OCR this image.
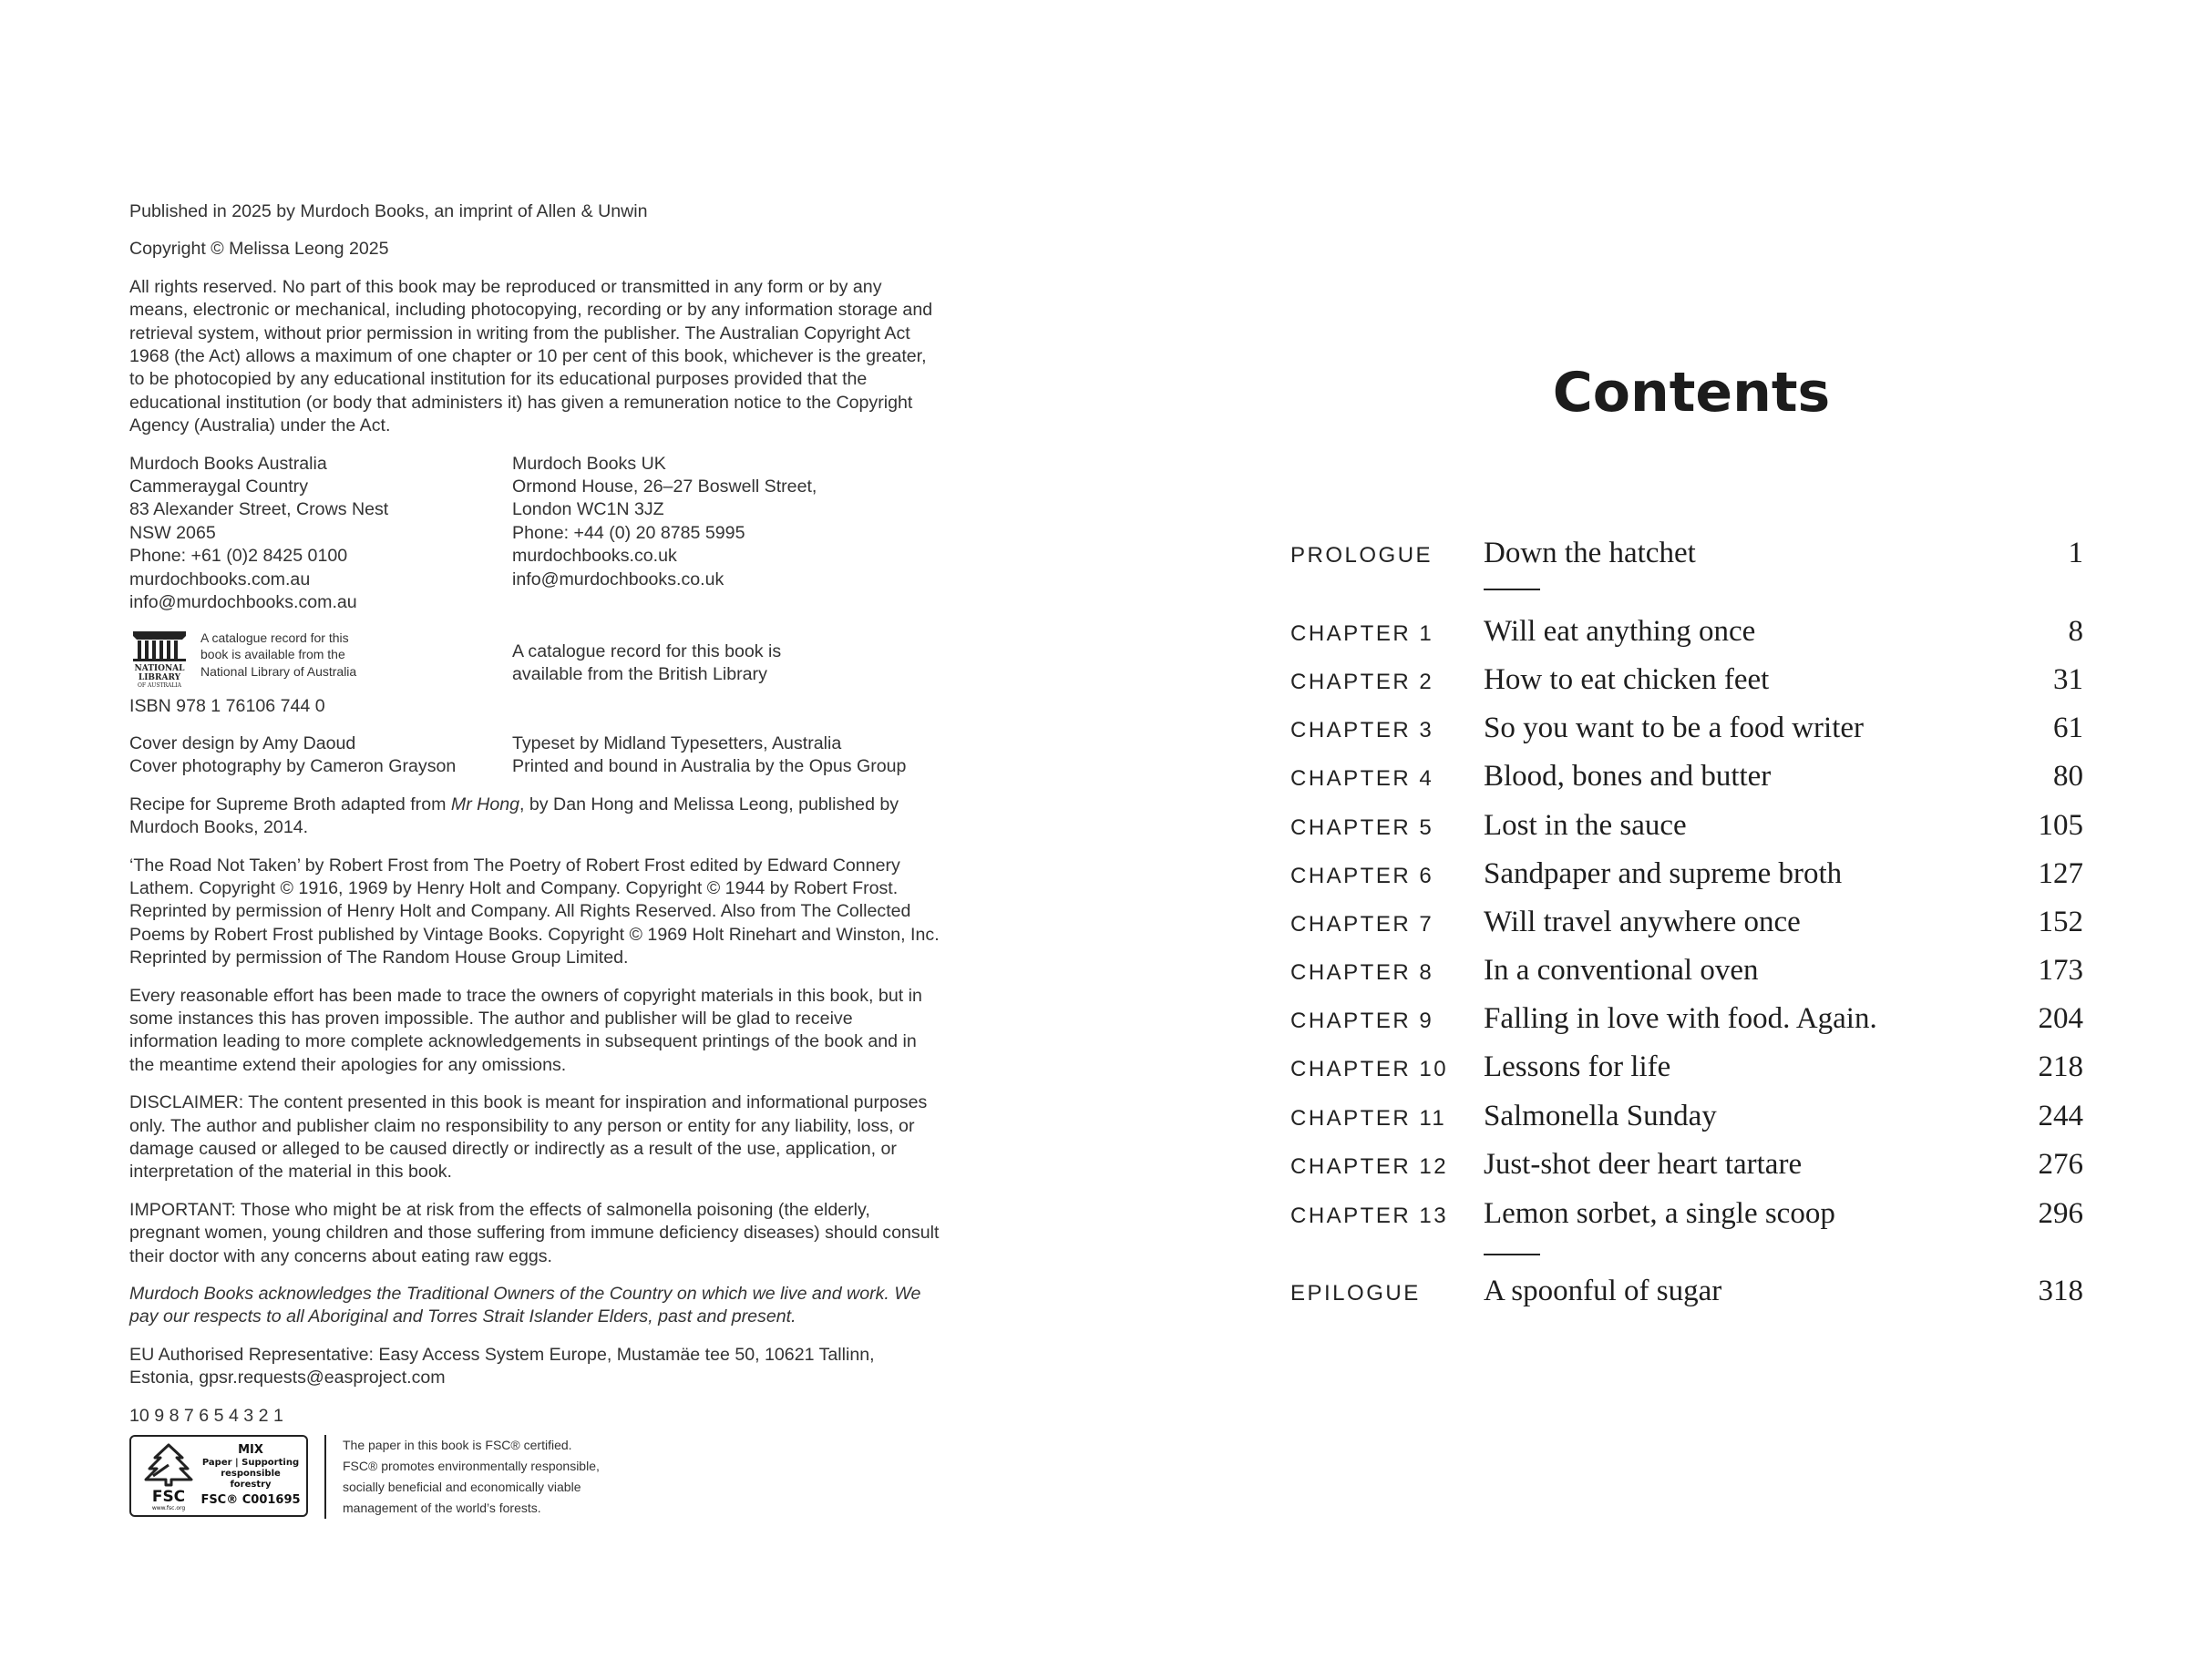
Published in 2025 by Murdoch Books, an imprint of Allen & Unwin

Copyright © Melissa Leong 2025

All rights reserved. No part of this book may be reproduced or transmitted in any form or by any means, electronic or mechanical, including photocopying, recording or by any information storage and retrieval system, without prior permission in writing from the publisher. The Australian Copyright Act 1968 (the Act) allows a maximum of one chapter or 10 per cent of this book, whichever is the greater, to be photocopied by any educational institution for its educational purposes provided that the educational institution (or body that administers it) has given a remuneration notice to the Copyright Agency (Australia) under the Act.

Murdoch Books Australia
Cammeraygal Country
83 Alexander Street, Crows Nest
NSW 2065
Phone: +61 (0)2 8425 0100
murdochbooks.com.au
info@murdochbooks.com.au
Murdoch Books UK
Ormond House, 26–27 Boswell Street,
London WC1N 3JZ
Phone: +44 (0) 20 8785 5995
murdochbooks.co.uk
info@murdochbooks.co.uk
NATIONAL
LIBRARY
OF AUSTRALIA
A catalogue record for this
book is available from the
National Library of Australia
A catalogue record for this book is
available from the British Library

ISBN 978 1 76106 744 0

Cover design by Amy Daoud
Cover photography by Cameron Grayson
Typeset by Midland Typesetters, Australia
Printed and bound in Australia by the Opus Group

Recipe for Supreme Broth adapted from Mr Hong, by Dan Hong and Melissa Leong, published by Murdoch Books, 2014.

‘The Road Not Taken’ by Robert Frost from The Poetry of Robert Frost edited by Edward Connery Lathem. Copyright © 1916, 1969 by Henry Holt and Company. Copyright © 1944 by Robert Frost. Reprinted by permission of Henry Holt and Company. All Rights Reserved. Also from The Collected Poems by Robert Frost published by Vintage Books. Copyright © 1969 Holt Rinehart and Winston, Inc. Reprinted by permission of The Random House Group Limited.

Every reasonable effort has been made to trace the owners of copyright materials in this book, but in some instances this has proven impossible. The author and publisher will be glad to receive information leading to more complete acknowledgements in subsequent printings of the book and in the meantime extend their apologies for any omissions.

DISCLAIMER: The content presented in this book is meant for inspiration and informational purposes only. The author and publisher claim no responsibility to any person or entity for any liability, loss, or damage caused or alleged to be caused directly or indirectly as a result of the use, application, or interpretation of the material in this book.

IMPORTANT: Those who might be at risk from the effects of salmonella poisoning (the elderly, pregnant women, young children and those suffering from immune deficiency diseases) should consult their doctor with any concerns about eating raw eggs.

Murdoch Books acknowledges the Traditional Owners of the Country on which we live and work. We pay our respects to all Aboriginal and Torres Strait Islander Elders, past and present.

EU Authorised Representative: Easy Access System Europe, Mustamäe tee 50, 10621 Tallinn, Estonia, gpsr.requests@easproject.com

10 9 8 7 6 5 4 3 2 1

FSC
www.fsc.org
MIX
Paper | Supporting
responsible forestry
FSC® C001695
The paper in this book is FSC® certified.
FSC® promotes environmentally responsible,
socially beneficial and economically viable
management of the world’s forests.
Contents
PROLOGUE Down the hatchet	1
CHAPTER 1 Will eat anything once	8
CHAPTER 2 How to eat chicken feet	31
CHAPTER 3 So you want to be a food writer	61
CHAPTER 4 Blood, bones and butter	80
CHAPTER 5 Lost in the sauce	105
CHAPTER 6 Sandpaper and supreme broth	127
CHAPTER 7 Will travel anywhere once	152
CHAPTER 8 In a conventional oven	173
CHAPTER 9 Falling in love with food. Again.	204
CHAPTER 10 Lessons for life	218
CHAPTER 11 Salmonella Sunday	244
CHAPTER 12 Just-shot deer heart tartare	276
CHAPTER 13 Lemon sorbet, a single scoop	296
EPILOGUE A spoonful of sugar	318
